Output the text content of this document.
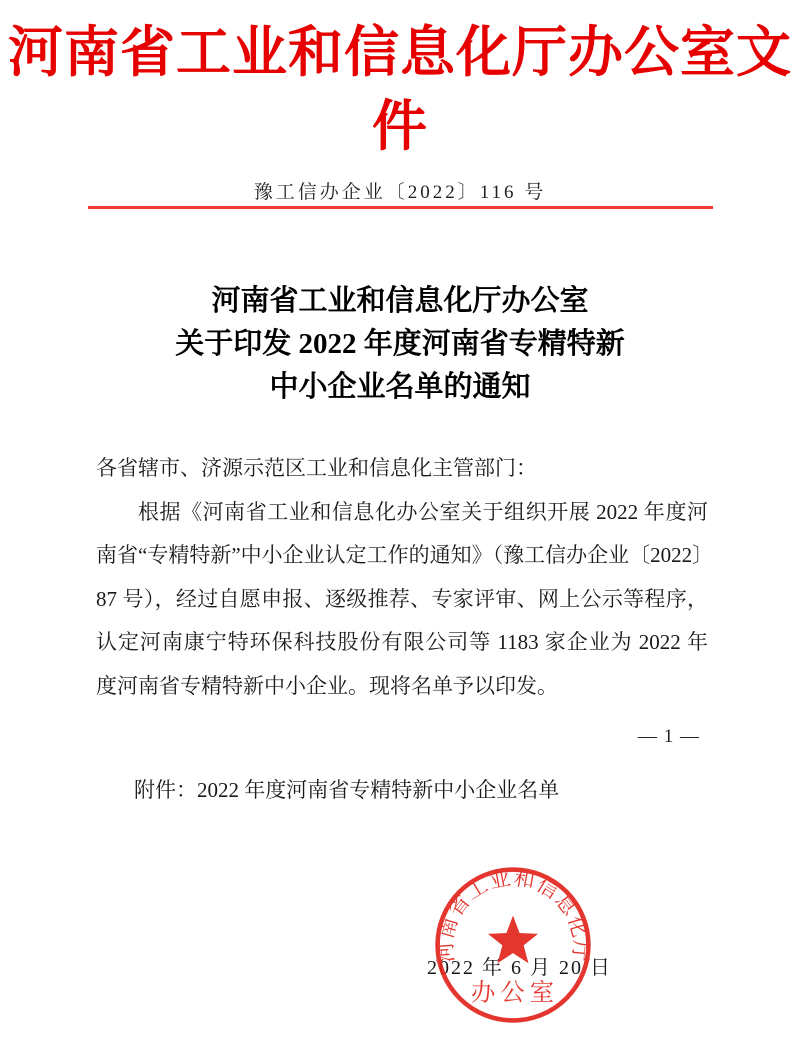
河南省工业和信息化厅办公室文件
豫工信办企业〔2022〕116 号
河南省工业和信息化厅办公室
关于印发 2022 年度河南省专精特新
中小企业名单的通知
各省辖市、济源示范区工业和信息化主管部门：
根据《河南省工业和信息化办公室关于组织开展 2022 年度河
南省“专精特新”中小企业认定工作的通知》（豫工信办企业〔2022〕
87 号），经过自愿申报、逐级推荐、专家评审、网上公示等程序，
认定河南康宁特环保科技股份有限公司等 1183 家企业为 2022 年
度河南省专精特新中小企业。现将名单予以印发。
— 1 —
附件：2022 年度河南省专精特新中小企业名单
2022 年 6 月 20 日
河南省工业和信息化厅
办公室
